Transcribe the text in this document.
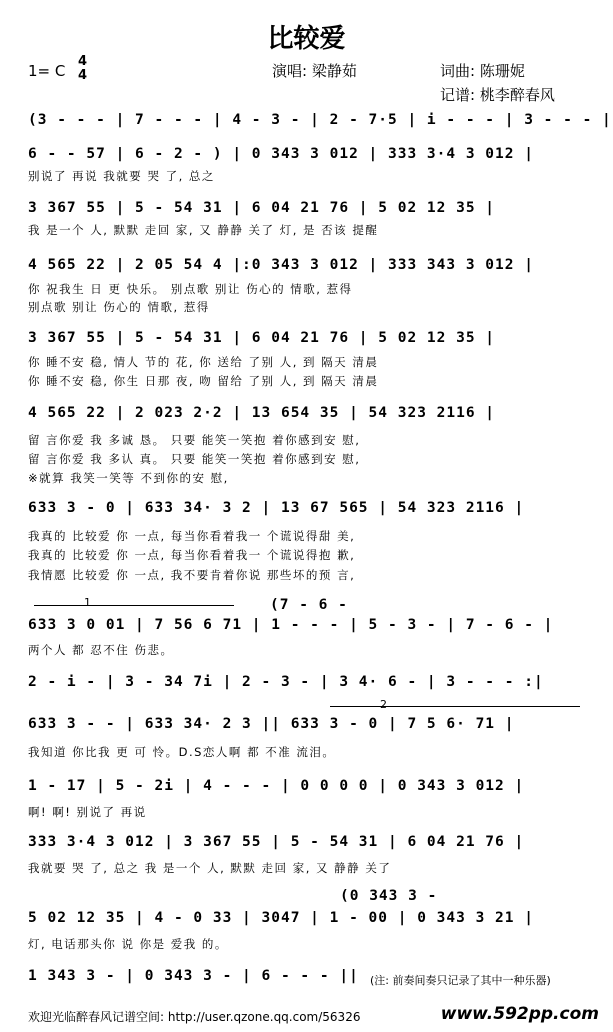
比较爱
1= C
4
4	演唱: 梁静茹	词曲: 陈珊妮
记谱: 桃李醉春风
(3 - - - | 7 - - - | 4 - 3 - | 2 - 7·5 | i - - - | 3 - - - |
6 - - 57 | 6 - 2 - ) | 0 343 3 012 | 333 3·4 3 012 |
别说了 再说 我就要 哭 了, 总之
3 367 55 | 5 - 54 31 | 6 04 21 76 | 5 02 12 35 |
我 是一个 人, 默默 走回 家, 又 静静 关了 灯, 是 否该 提醒
4 565 22 | 2 05 54 4 |:0 343 3 012 | 333 343 3 012 |
你 祝我生 日 更 快乐。 别点歌 别让 伤心的 情歌, 惹得
别点歌 别让 伤心的 情歌, 惹得
3 367 55 | 5 - 54 31 | 6 04 21 76 | 5 02 12 35 |
你 睡不安 稳, 情人 节的 花, 你 送给 了别 人, 到 隔天 清晨
你 睡不安 稳, 你生 日那 夜, 吻 留给 了别 人, 到 隔天 清晨
4 565 22 | 2 023 2·2 | 13 654 35 | 54 323 2116 |
留 言你爱 我 多诚 恳。 只要 能笑一笑抱 着你感到安 慰,
留 言你爱 我 多认 真。 只要 能笑一笑抱 着你感到安 慰,
※就算 我笑一笑等 不到你的安 慰,
633 3 - 0 | 633 34· 3 2 | 13 67 565 | 54 323 2116 |
我真的 比较爱 你 一点, 每当你看着我一 个谎说得甜 美,
我真的 比较爱 你 一点, 每当你看着我一 个谎说得抱 歉,
我情愿 比较爱 你 一点, 我不要肯着你说 那些坏的预 言,
(7 - 6 -
1
633 3 0 01 | 7 56 6 71 | 1 - - - | 5 - 3 - | 7 - 6 - |
两个人 都 忍不住 伤悲。
2 - i - | 3 - 34 7i | 2 - 3 - | 3 4· 6 - | 3 - - - :|
2
633 3 - - | 633 34· 2 3 || 633 3 - 0 | 7 5 6· 71 |
我知道 你比我 更 可 怜。D.S恋人啊 都 不准 流泪。
1 - 17 | 5 - 2i | 4 - - - | 0 0 0 0 | 0 343 3 012 |
啊! 啊! 别说了 再说
333 3·4 3 012 | 3 367 55 | 5 - 54 31 | 6 04 21 76 |
我就要 哭 了, 总之 我 是一个 人, 默默 走回 家, 又 静静 关了
(0 343 3 -
5 02 12 35 | 4 - 0 33 | 3047 | 1 - 00 | 0 343 3 21 |
灯, 电话那头你 说 你是 爱我 的。
1 343 3 - | 0 343 3 - | 6 - - - || (注: 前奏间奏只记录了其中一种乐器)
欢迎光临醉春风记谱空间: http://user.qzone.qq.com/56326	www.592pp.com
